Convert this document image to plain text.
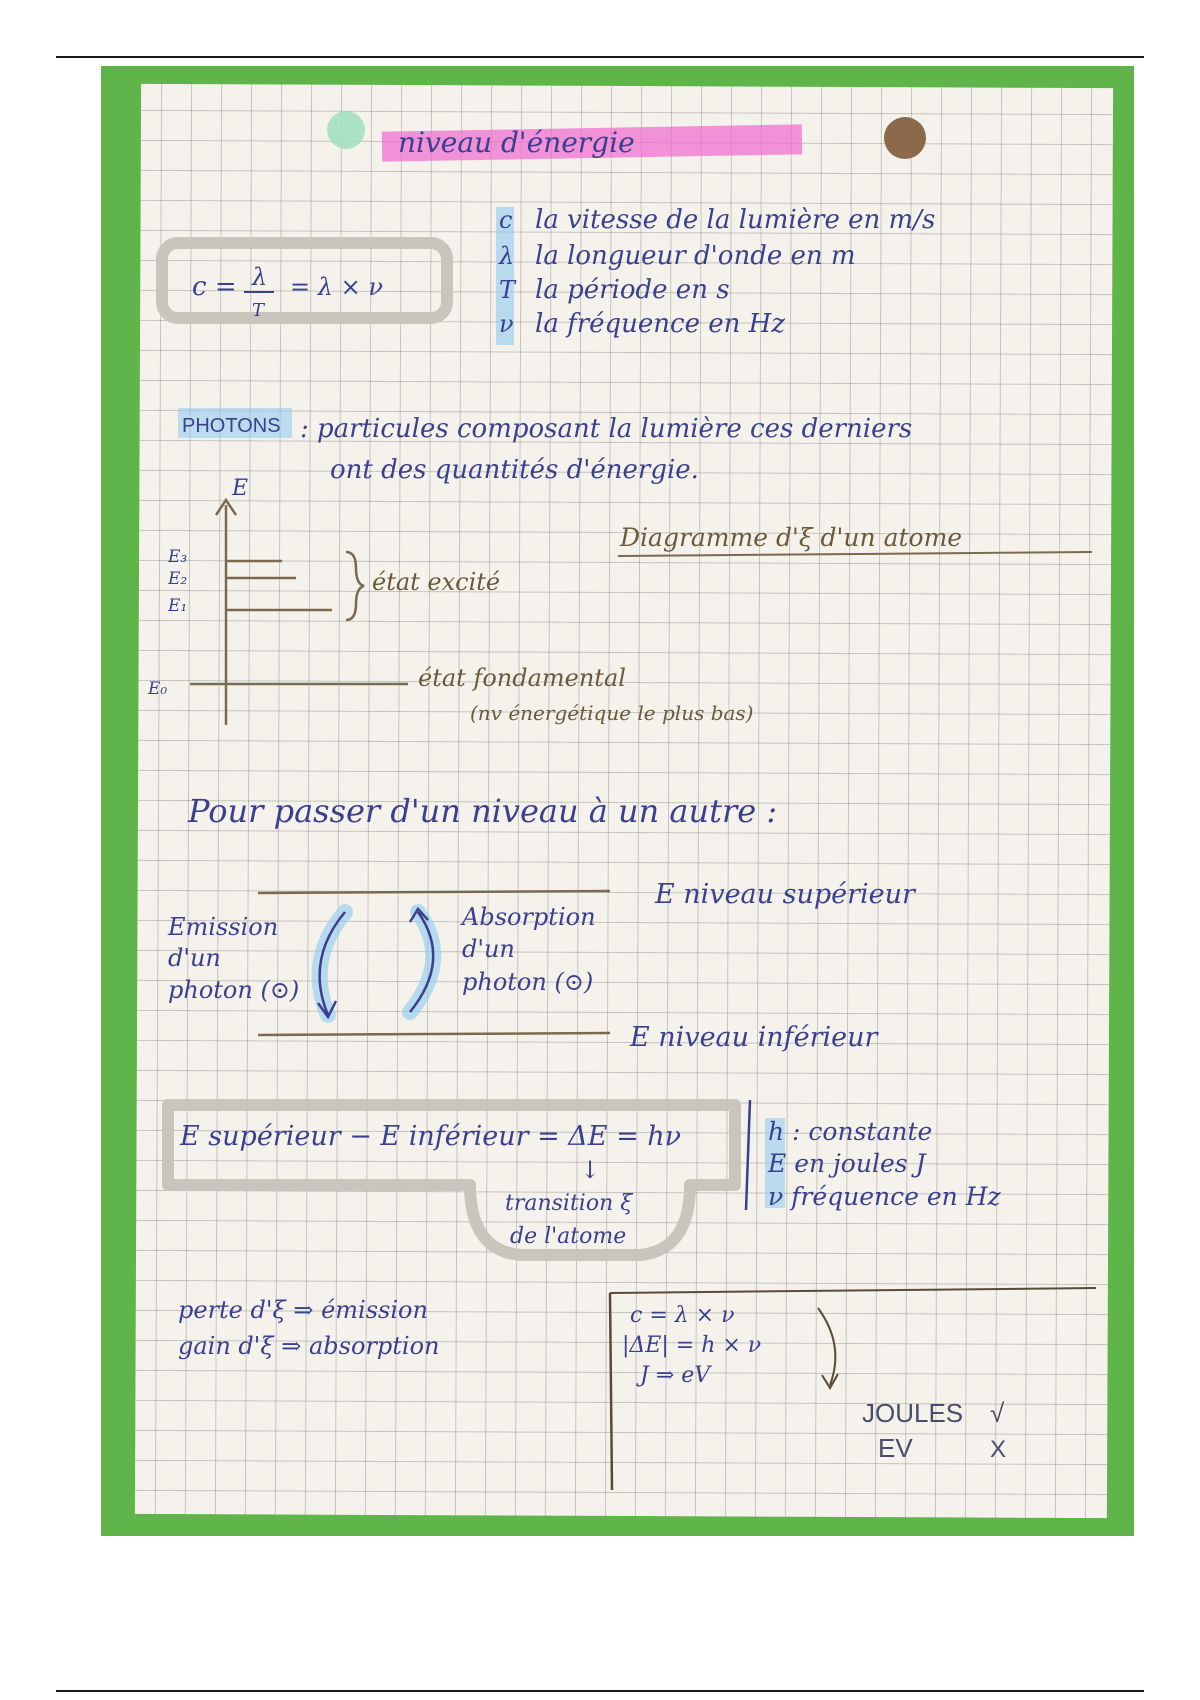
niveau d'énergie
c = λ
T
= λ × ν
c la vitesse de la lumière en m/s
λ la longueur d'onde en m
T la période en s
ν la fréquence en Hz
PHOTONS : particules composant la lumière ces derniers
ont des quantités d'énergie.
E
E₃
E₂
E₁
E₀
état excité
état fondamental
(nv énergétique le plus bas)
Diagramme d'ξ d'un atome
Pour passer d'un niveau à un autre :
E niveau supérieur
E niveau inférieur
Emission
d'un
photon (⊙)
Absorption
d'un
photon (⊙)
E supérieur − E inférieur = ΔE = hν
↓
transition ξ
de l'atome
h : constante
E en joules J
ν fréquence en Hz
perte d'ξ ⇒ émission
gain d'ξ ⇒ absorption
c = λ × ν
|ΔE| = h × ν
J ⇒ eV
JOULES √
EV	X
